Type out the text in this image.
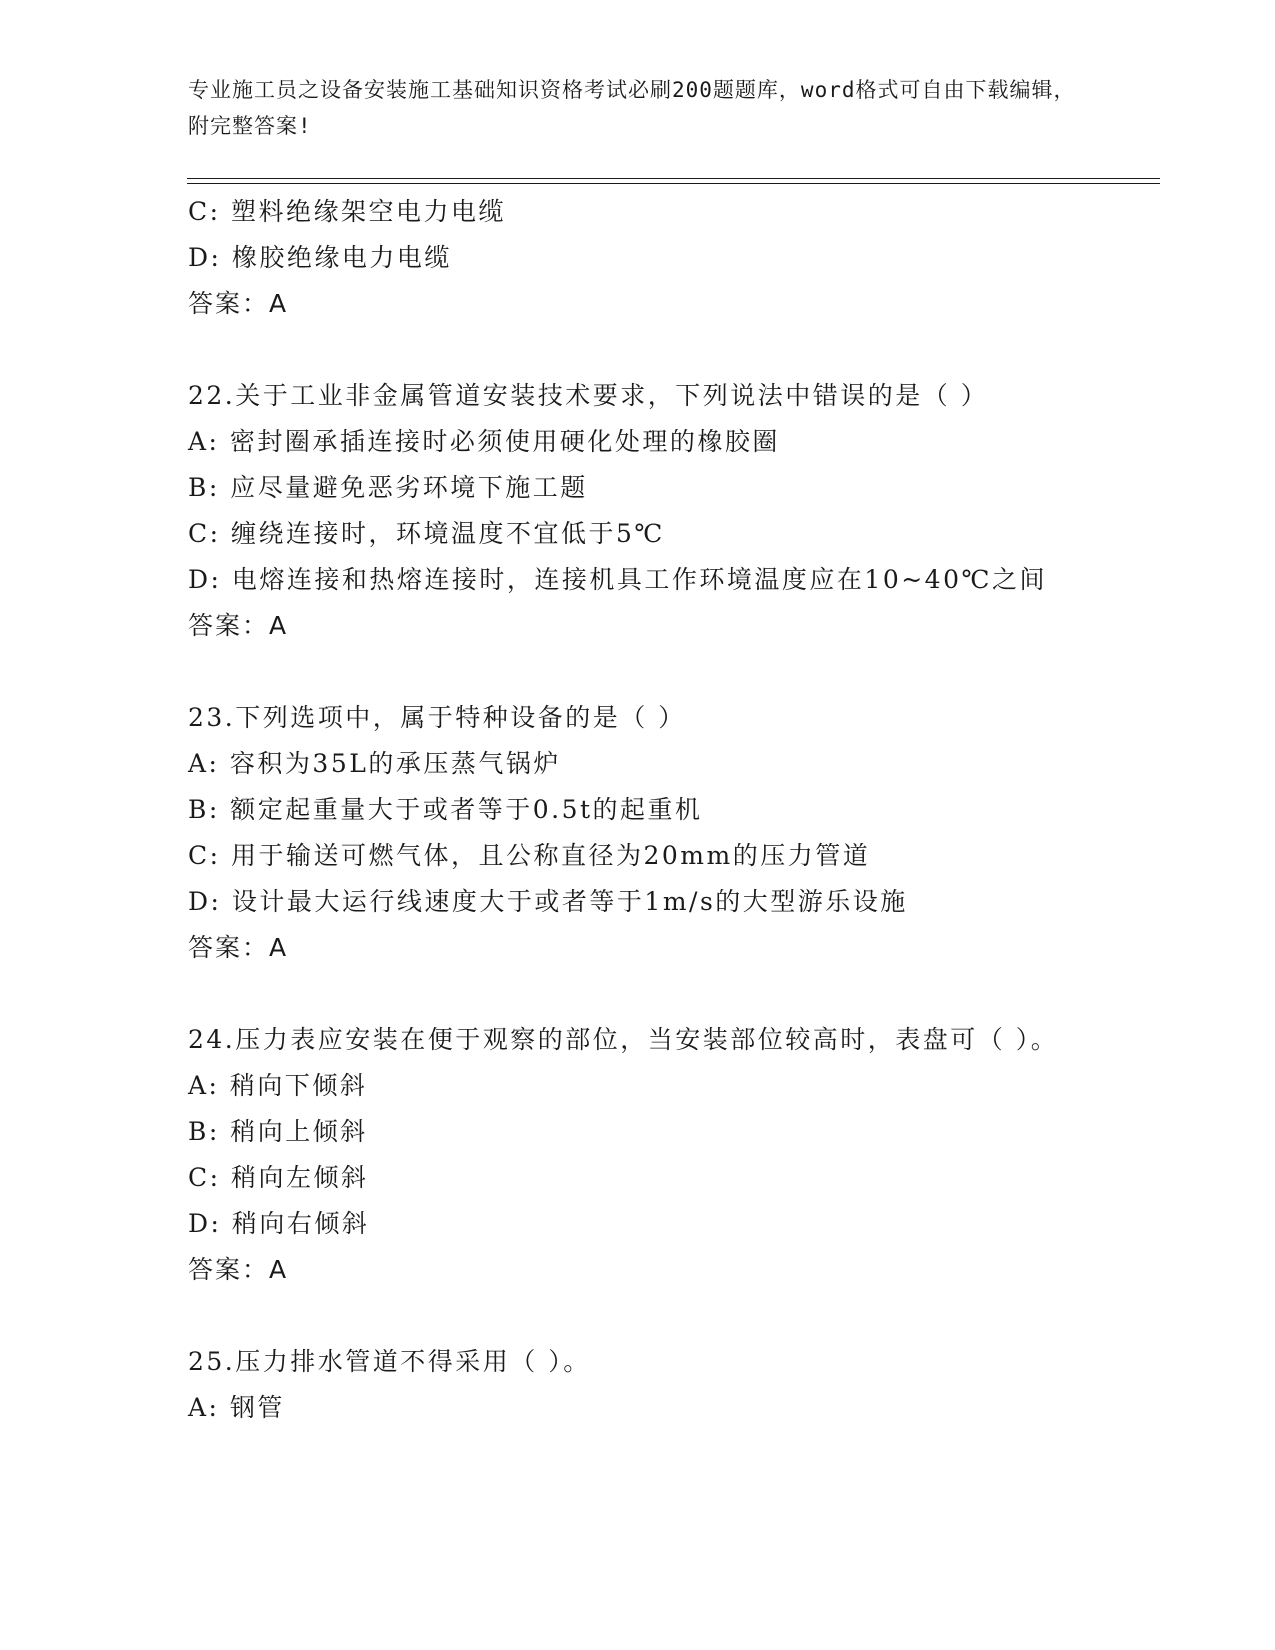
专业施工员之设备安装施工基础知识资格考试必刷200题题库，word格式可自由下载编辑，附完整答案!
C: 塑料绝缘架空电力电缆
D: 橡胶绝缘电力电缆
答案：A
22.关于工业非金属管道安装技术要求，下列说法中错误的是（ ）
A: 密封圈承插连接时必须使用硬化处理的橡胶圈
B: 应尽量避免恶劣环境下施工题
C: 缠绕连接时，环境温度不宜低于5℃
D: 电熔连接和热熔连接时，连接机具工作环境温度应在10~40℃之间
答案：A
23.下列选项中，属于特种设备的是（ ）
A: 容积为35L的承压蒸气锅炉
B: 额定起重量大于或者等于0.5t的起重机
C: 用于输送可燃气体，且公称直径为20mm的压力管道
D: 设计最大运行线速度大于或者等于1m/s的大型游乐设施
答案：A
24.压力表应安装在便于观察的部位，当安装部位较高时，表盘可（ ）。
A: 稍向下倾斜
B: 稍向上倾斜
C: 稍向左倾斜
D: 稍向右倾斜
答案：A
25.压力排水管道不得采用（ ）。
A: 钢管
